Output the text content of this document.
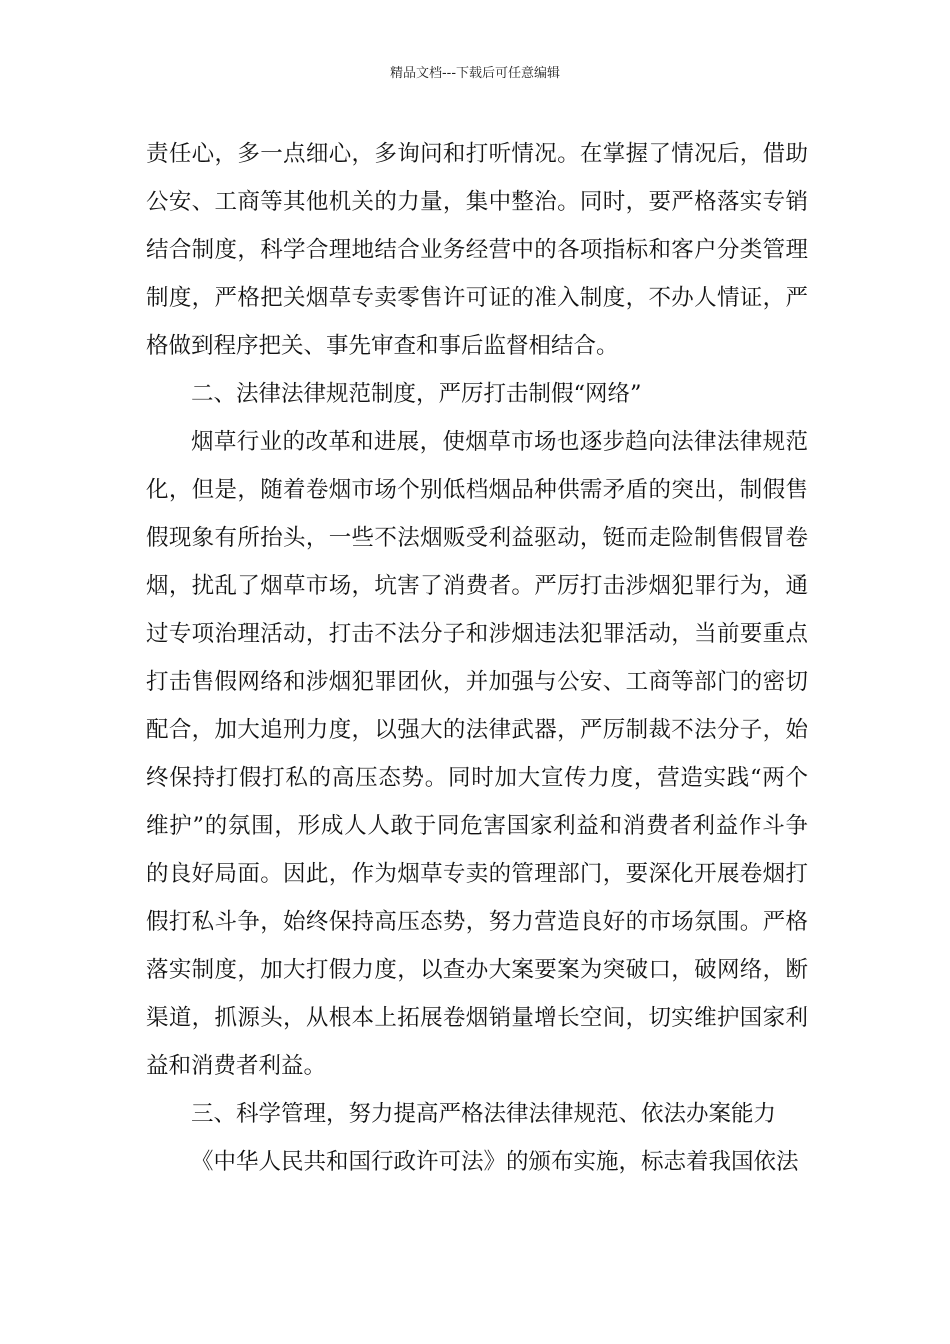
精品文档---下载后可任意编辑

责任心，多一点细心，多询问和打听情况。在掌握了情况后，借助公安、工商等其他机关的力量，集中整治。同时，要严格落实专销结合制度，科学合理地结合业务经营中的各项指标和客户分类管理制度，严格把关烟草专卖零售许可证的准入制度，不办人情证，严格做到程序把关、事先审查和事后监督相结合。

二、法律法律规范制度，严厉打击制假“网络”

烟草行业的改革和进展，使烟草市场也逐步趋向法律法律规范化，但是，随着卷烟市场个别低档烟品种供需矛盾的突出，制假售假现象有所抬头，一些不法烟贩受利益驱动，铤而走险制售假冒卷烟，扰乱了烟草市场，坑害了消费者。严厉打击涉烟犯罪行为，通过专项治理活动，打击不法分子和涉烟违法犯罪活动，当前要重点打击售假网络和涉烟犯罪团伙，并加强与公安、工商等部门的密切配合，加大追刑力度，以强大的法律武器，严厉制裁不法分子，始终保持打假打私的高压态势。同时加大宣传力度，营造实践“两个维护”的氛围，形成人人敢于同危害国家利益和消费者利益作斗争的良好局面。因此，作为烟草专卖的管理部门，要深化开展卷烟打假打私斗争，始终保持高压态势，努力营造良好的市场氛围。严格落实制度，加大打假力度，以查办大案要案为突破口，破网络，断渠道，抓源头，从根本上拓展卷烟销量增长空间，切实维护国家利益和消费者利益。

三、科学管理，努力提高严格法律法律规范、依法办案能力

《中华人民共和国行政许可法》的颁布实施，标志着我国依法
